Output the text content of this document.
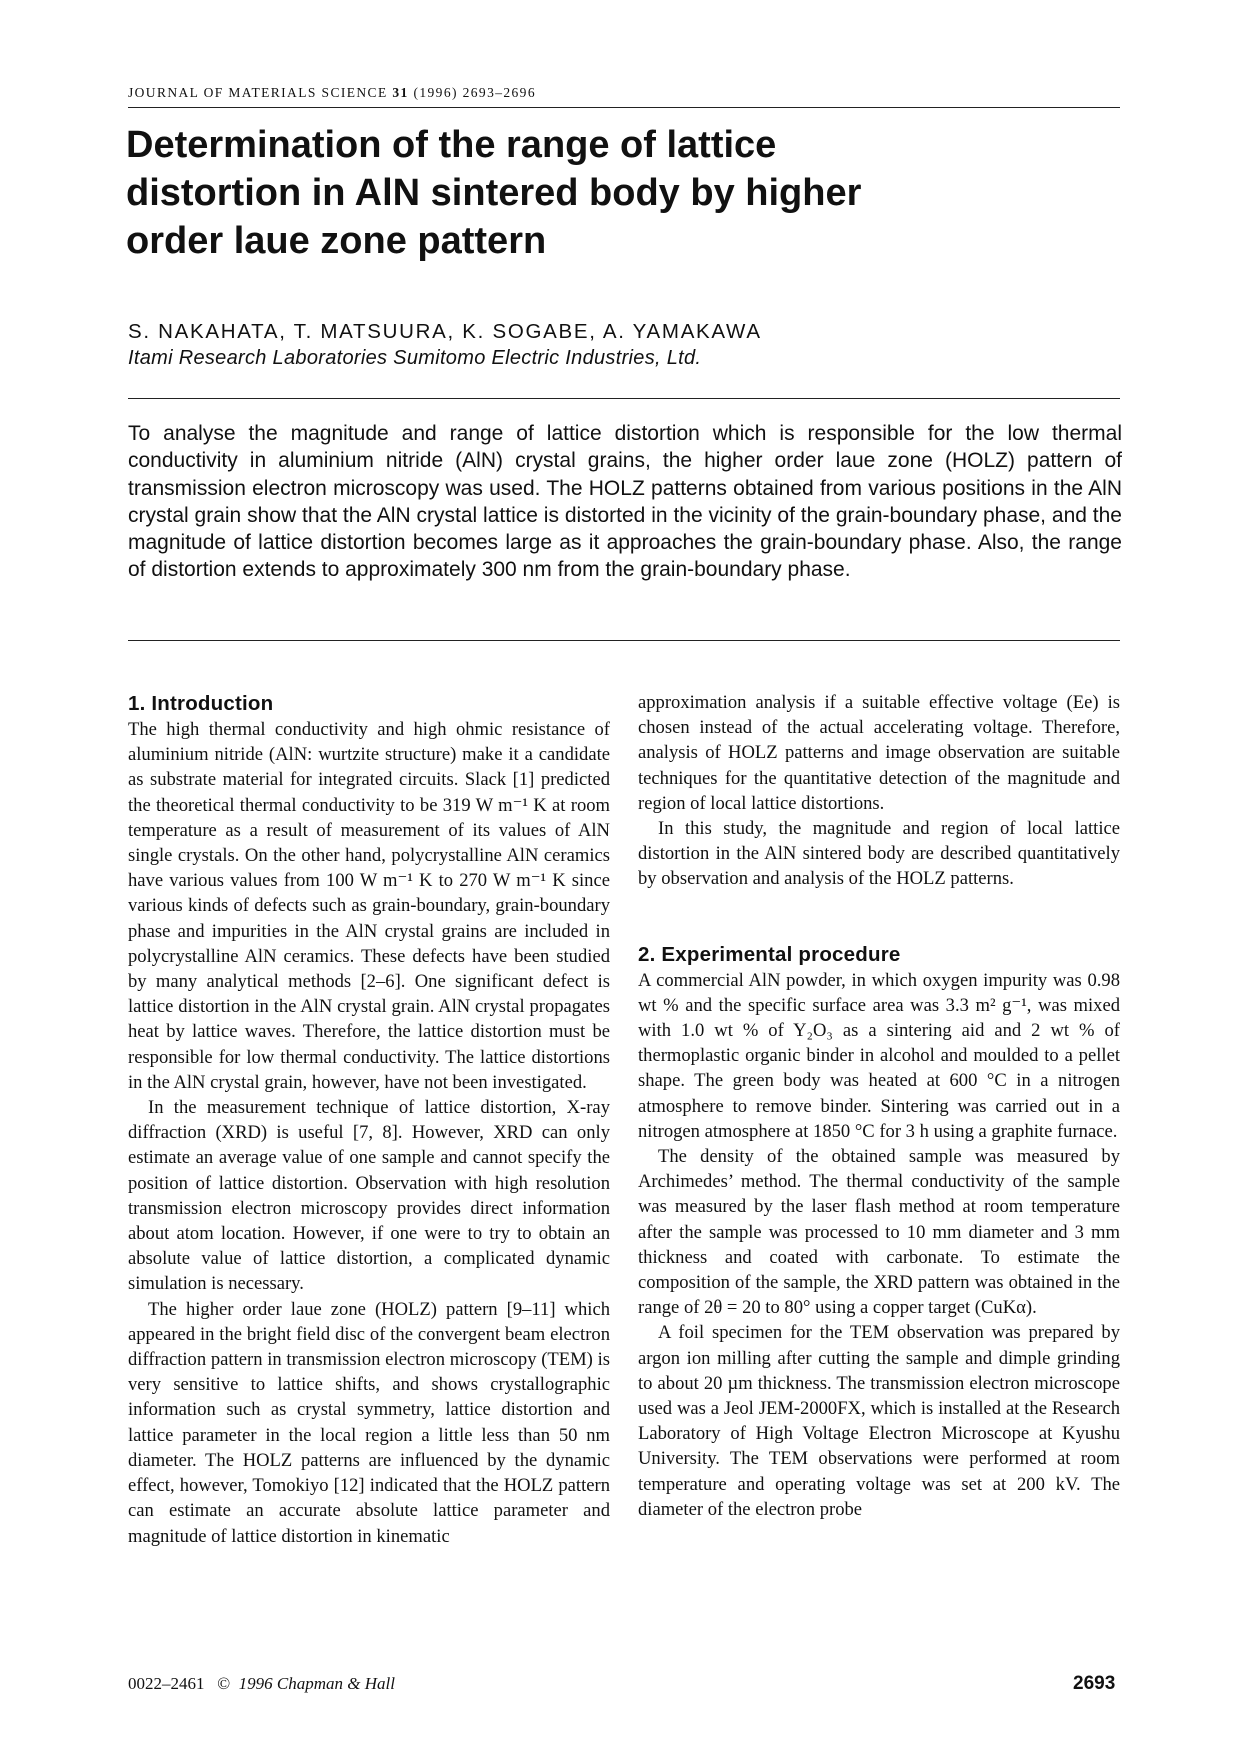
JOURNAL OF MATERIALS SCIENCE 31 (1996) 2693–2696
Determination of the range of lattice distortion in AlN sintered body by higher order laue zone pattern
S. NAKAHATA, T. MATSUURA, K. SOGABE, A. YAMAKAWA
Itami Research Laboratories Sumitomo Electric Industries, Ltd.

To analyse the magnitude and range of lattice distortion which is responsible for the low thermal conductivity in aluminium nitride (AlN) crystal grains, the higher order laue zone (HOLZ) pattern of transmission electron microscopy was used. The HOLZ patterns obtained from various positions in the AlN crystal grain show that the AlN crystal lattice is distorted in the vicinity of the grain-boundary phase, and the magnitude of lattice distortion becomes large as it approaches the grain-boundary phase. Also, the range of distortion extends to approximately 300 nm from the grain-boundary phase.

1. Introduction

The high thermal conductivity and high ohmic resistance of aluminium nitride (AlN: wurtzite structure) make it a candidate as substrate material for integrated circuits. Slack [1] predicted the theoretical thermal conductivity to be 319 W m⁻¹ K at room temperature as a result of measurement of its values of AlN single crystals. On the other hand, polycrystalline AlN ceramics have various values from 100 W m⁻¹ K to 270 W m⁻¹ K since various kinds of defects such as grain-boundary, grain-boundary phase and impurities in the AlN crystal grains are included in polycrystalline AlN ceramics. These defects have been studied by many analytical methods [2–6]. One significant defect is lattice distortion in the AlN crystal grain. AlN crystal propagates heat by lattice waves. Therefore, the lattice distortion must be responsible for low thermal conductivity. The lattice distortions in the AlN crystal grain, however, have not been investigated.

In the measurement technique of lattice distortion, X-ray diffraction (XRD) is useful [7, 8]. However, XRD can only estimate an average value of one sample and cannot specify the position of lattice distortion. Observation with high resolution transmission electron microscopy provides direct information about atom location. However, if one were to try to obtain an absolute value of lattice distortion, a complicated dynamic simulation is necessary.

The higher order laue zone (HOLZ) pattern [9–11] which appeared in the bright field disc of the convergent beam electron diffraction pattern in transmission electron microscopy (TEM) is very sensitive to lattice shifts, and shows crystallographic information such as crystal symmetry, lattice distortion and lattice parameter in the local region a little less than 50 nm diameter. The HOLZ patterns are influenced by the dynamic effect, however, Tomokiyo [12] indicated that the HOLZ pattern can estimate an accurate absolute lattice parameter and magnitude of lattice distortion in kinematic

approximation analysis if a suitable effective voltage (Ee) is chosen instead of the actual accelerating voltage. Therefore, analysis of HOLZ patterns and image observation are suitable techniques for the quantitative detection of the magnitude and region of local lattice distortions.

In this study, the magnitude and region of local lattice distortion in the AlN sintered body are described quantitatively by observation and analysis of the HOLZ patterns.

2. Experimental procedure

A commercial AlN powder, in which oxygen impurity was 0.98 wt % and the specific surface area was 3.3 m² g⁻¹, was mixed with 1.0 wt % of Y₂O₃ as a sintering aid and 2 wt % of thermoplastic organic binder in alcohol and moulded to a pellet shape. The green body was heated at 600 °C in a nitrogen atmosphere to remove binder. Sintering was carried out in a nitrogen atmosphere at 1850 °C for 3 h using a graphite furnace.

The density of the obtained sample was measured by Archimedes’ method. The thermal conductivity of the sample was measured by the laser flash method at room temperature after the sample was processed to 10 mm diameter and 3 mm thickness and coated with carbonate. To estimate the composition of the sample, the XRD pattern was obtained in the range of 2θ = 20 to 80° using a copper target (CuKα).

A foil specimen for the TEM observation was prepared by argon ion milling after cutting the sample and dimple grinding to about 20 µm thickness. The transmission electron microscope used was a Jeol JEM-2000FX, which is installed at the Research Laboratory of High Voltage Electron Microscope at Kyushu University. The TEM observations were performed at room temperature and operating voltage was set at 200 kV. The diameter of the electron probe

0022–2461 © 1996 Chapman & Hall	2693
